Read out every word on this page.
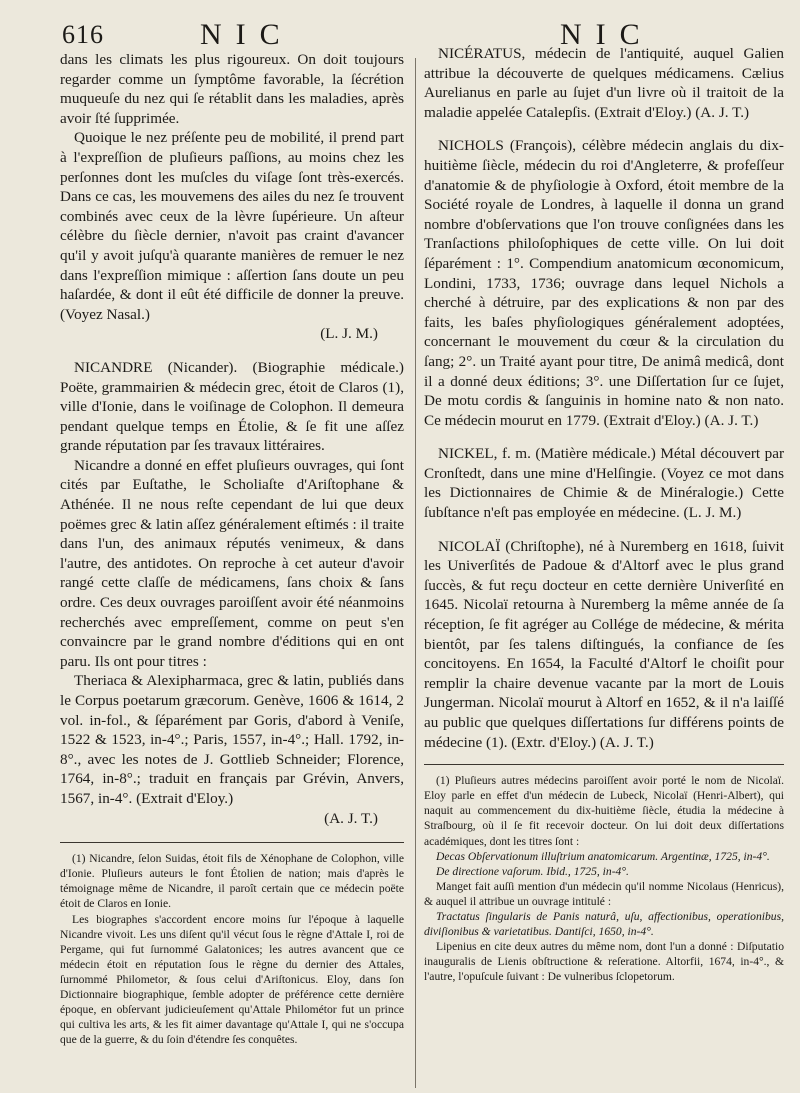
616	NIC	NIC

dans les climats les plus rigoureux. On doit toujours regarder comme un ſymptôme favorable, la ſécrétion muqueuſe du nez qui ſe rétablit dans les maladies, après avoir ſté ſupprimée.

Quoique le nez préſente peu de mobilité, il prend part à l'expreſſion de pluſieurs paſſions, au moins chez les perſonnes dont les muſcles du viſage ſont très-exercés. Dans ce cas, les mouvemens des ailes du nez ſe trouvent combinés avec ceux de la lèvre ſupérieure. Un aſteur célèbre du ſiècle dernier, n'avoit pas craint d'avancer qu'il y avoit juſqu'à quarante manières de remuer le nez dans l'expreſſion mimique : aſſertion ſans doute un peu haſardée, & dont il eût été difficile de donner la preuve. (Voyez Nasal.)

(L. J. M.)

NICANDRE (Nicander). (Biographie médicale.) Poëte, grammairien & médecin grec, étoit de Claros (1), ville d'Ionie, dans le voiſinage de Colophon. Il demeura pendant quelque temps en Étolie, & ſe fit une aſſez grande réputation par ſes travaux littéraires.

Nicandre a donné en effet pluſieurs ouvrages, qui ſont cités par Euſtathe, le Scholiaſte d'Ariſtophane & Athénée. Il ne nous reſte cependant de lui que deux poëmes grec & latin aſſez généralement eſtimés : il traite dans l'un, des animaux réputés venimeux, & dans l'autre, des antidotes. On reproche à cet auteur d'avoir rangé cette claſſe de médicamens, ſans choix & ſans ordre. Ces deux ouvrages paroiſſent avoir été néanmoins recherchés avec empreſſement, comme on peut s'en convaincre par le grand nombre d'éditions qui en ont paru. Ils ont pour titres :

Theriaca & Alexipharmaca, grec & latin, publiés dans le Corpus poetarum græcorum. Genève, 1606 & 1614, 2 vol. in-fol., & ſéparément par Goris, d'abord à Veniſe, 1522 & 1523, in-4°.; Paris, 1557, in-4°.; Hall. 1792, in-8°., avec les notes de J. Gottlieb Schneider; Florence, 1764, in-8°.; traduit en français par Grévin, Anvers, 1567, in-4°. (Extrait d'Eloy.)

(A. J. T.)

(1) Nicandre, ſelon Suidas, étoit fils de Xénophane de Colophon, ville d'Ionie. Pluſieurs auteurs le font Étolien de nation; mais d'après le témoignage même de Nicandre, il paroît certain que ce médecin poëte étoit de Claros en Ionie.

Les biographes s'accordent encore moins ſur l'époque à laquelle Nicandre vivoit. Les uns diſent qu'il vécut ſous le règne d'Attale I, roi de Pergame, qui fut ſurnommé Galatonices; les autres avancent que ce médecin étoit en réputation ſous le règne du dernier des Attales, ſurnommé Philometor, & ſous celui d'Ariſtonicus. Eloy, dans ſon Dictionnaire biographique, ſemble adopter de préférence cette dernière époque, en obſervant judicieuſement qu'Attale Philométor fut un prince qui cultiva les arts, & les fit aimer davantage qu'Attale I, qui ne s'occupa que de la guerre, & du ſoin d'étendre ſes conquêtes.

NICÉRATUS, médecin de l'antiquité, auquel Galien attribue la découverte de quelques médicamens. Cælius Aurelianus en parle au ſujet d'un livre où il traitoit de la maladie appelée Catalepſis. (Extrait d'Eloy.) (A. J. T.)

NICHOLS (François), célèbre médecin anglais du dix-huitième ſiècle, médecin du roi d'Angleterre, & profeſſeur d'anatomie & de phyſiologie à Oxford, étoit membre de la Société royale de Londres, à laquelle il donna un grand nombre d'obſervations que l'on trouve conſignées dans les Tranſactions philoſophiques de cette ville. On lui doit ſéparément : 1°. Compendium anatomicum œconomicum, Londini, 1733, 1736; ouvrage dans lequel Nichols a cherché à détruire, par des explications & non par des faits, les baſes phyſiologiques généralement adoptées, concernant le mouvement du cœur & la circulation du ſang; 2°. un Traité ayant pour titre, De animâ medicâ, dont il a donné deux éditions; 3°. une Diſſertation ſur ce ſujet, De motu cordis & ſanguinis in homine nato & non nato. Ce médecin mourut en 1779. (Extrait d'Eloy.) (A. J. T.)

NICKEL, f. m. (Matière médicale.) Métal découvert par Cronſtedt, dans une mine d'Helſingie. (Voyez ce mot dans les Dictionnaires de Chimie & de Minéralogie.) Cette ſubſtance n'eſt pas employée en médecine. (L. J. M.)

NICOLAÏ (Chriſtophe), né à Nuremberg en 1618, ſuivit les Univerſités de Padoue & d'Altorf avec le plus grand ſuccès, & fut reçu docteur en cette dernière Univerſité en 1645. Nicolaï retourna à Nuremberg la même année de ſa réception, ſe fit agréger au Collége de médecine, & mérita bientôt, par ſes talens diſtingués, la confiance de ſes concitoyens. En 1654, la Faculté d'Altorf le choiſit pour remplir la chaire devenue vacante par la mort de Louis Jungerman. Nicolaï mourut à Altorf en 1652, & il n'a laiſſé au public que quelques diſſertations ſur différens points de médecine (1). (Extr. d'Eloy.) (A. J. T.)

(1) Pluſieurs autres médecins paroiſſent avoir porté le nom de Nicolaï. Eloy parle en effet d'un médecin de Lubeck, Nicolaï (Henri-Albert), qui naquit au commencement du dix-huitième ſiècle, étudia la médecine à Straſbourg, où il ſe fit recevoir docteur. On lui doit deux diſſertations académiques, dont les titres ſont :

Decas Obſervationum illuſtrium anatomicarum. Argentinæ, 1725, in-4°.

De directione vaſorum. Ibid., 1725, in-4°.

Manget fait auſſi mention d'un médecin qu'il nomme Nicolaus (Henricus), & auquel il attribue un ouvrage intitulé :

Tractatus ſingularis de Panis naturâ, uſu, affectionibus, operationibus, diviſionibus & varietatibus. Dantiſci, 1650, in-4°.

Lipenius en cite deux autres du même nom, dont l'un a donné : Diſputatio inauguralis de Lienis obſtructione & reſeratione. Altorfii, 1674, in-4°., & l'autre, l'opuſcule ſuivant : De vulneribus ſclopetorum.
